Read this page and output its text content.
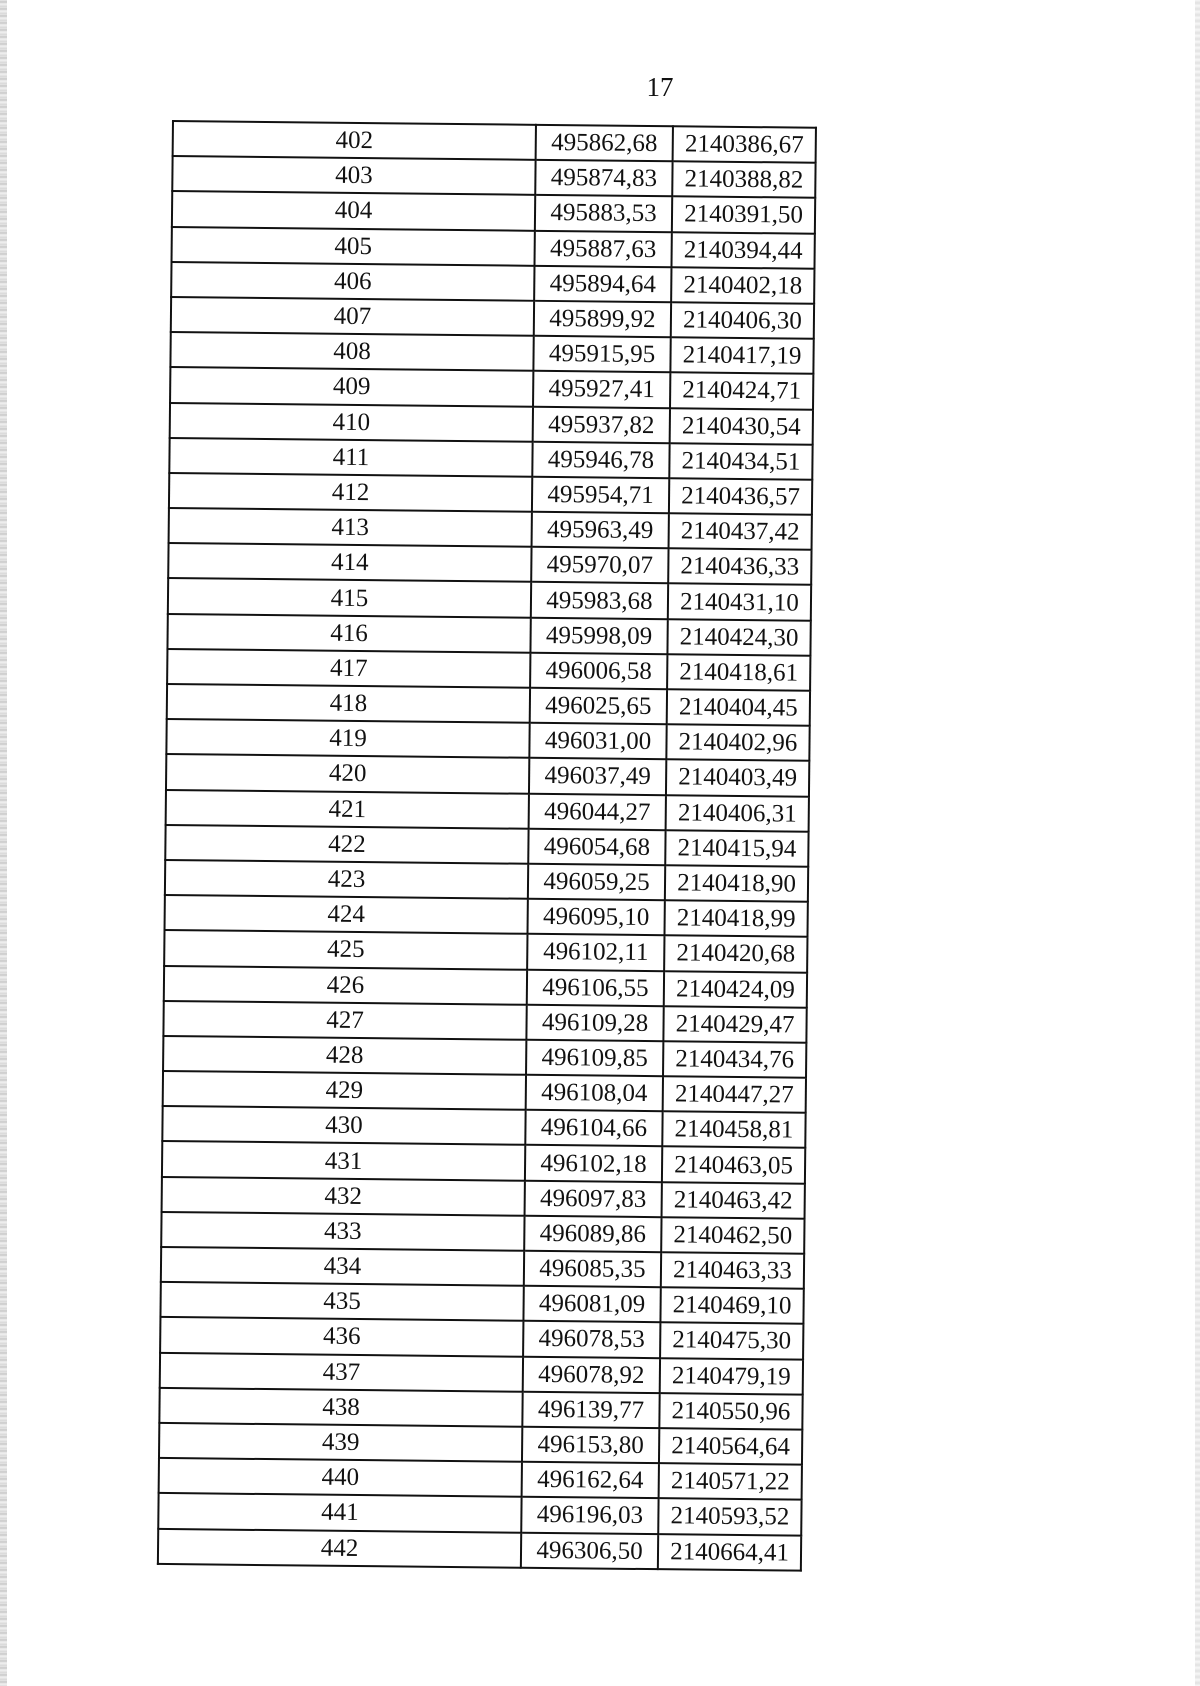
17
402	495862,68	2140386,67
403	495874,83	2140388,82
404	495883,53	2140391,50
405	495887,63	2140394,44
406	495894,64	2140402,18
407	495899,92	2140406,30
408	495915,95	2140417,19
409	495927,41	2140424,71
410	495937,82	2140430,54
411	495946,78	2140434,51
412	495954,71	2140436,57
413	495963,49	2140437,42
414	495970,07	2140436,33
415	495983,68	2140431,10
416	495998,09	2140424,30
417	496006,58	2140418,61
418	496025,65	2140404,45
419	496031,00	2140402,96
420	496037,49	2140403,49
421	496044,27	2140406,31
422	496054,68	2140415,94
423	496059,25	2140418,90
424	496095,10	2140418,99
425	496102,11	2140420,68
426	496106,55	2140424,09
427	496109,28	2140429,47
428	496109,85	2140434,76
429	496108,04	2140447,27
430	496104,66	2140458,81
431	496102,18	2140463,05
432	496097,83	2140463,42
433	496089,86	2140462,50
434	496085,35	2140463,33
435	496081,09	2140469,10
436	496078,53	2140475,30
437	496078,92	2140479,19
438	496139,77	2140550,96
439	496153,80	2140564,64
440	496162,64	2140571,22
441	496196,03	2140593,52
442	496306,50	2140664,41
